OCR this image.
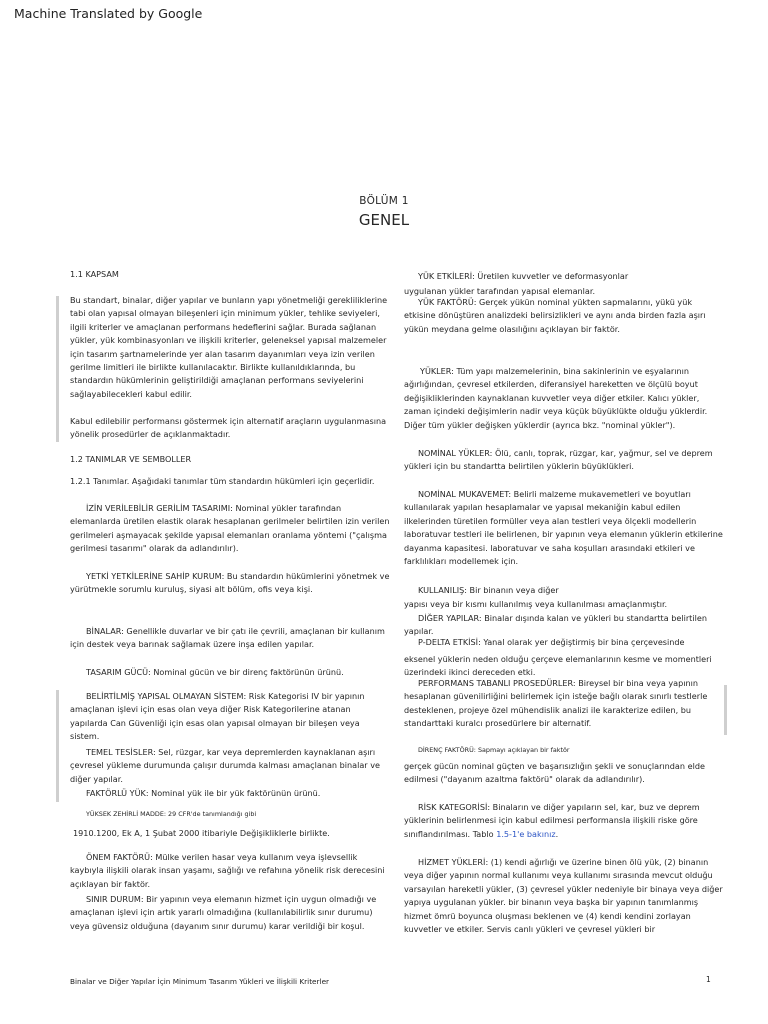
Machine Translated by Google
BÖLÜM 1
GENEL

1.1 KAPSAM

Bu standart, binalar, diğer yapılar ve bunların yapı yönetmeliği gerekliliklerine tabi olan yapısal olmayan bileşenleri için minimum yükler, tehlike seviyeleri, ilgili kriterler ve amaçlanan performans hedeflerini sağlar. Burada sağlanan yükler, yük kombinasyonları ve ilişkili kriterler, geleneksel yapısal malzemeler için tasarım şartnamelerinde yer alan tasarım dayanımları veya izin verilen gerilme limitleri ile birlikte kullanılacaktır. Birlikte kullanıldıklarında, bu standardın hükümlerinin geliştirildiği amaçlanan performans seviyelerini sağlayabilecekleri kabul edilir.

Kabul edilebilir performansı göstermek için alternatif araçların uygulanmasına yönelik prosedürler de açıklanmaktadır.

1.2 TANIMLAR VE SEMBOLLER

1.2.1 Tanımlar. Aşağıdaki tanımlar tüm standardın hükümleri için geçerlidir.

İZİN VERİLEBİLİR GERİLİM TASARIMI: Nominal yükler tarafından elemanlarda üretilen elastik olarak hesaplanan gerilmeler belirtilen izin verilen gerilmeleri aşmayacak şekilde yapısal elemanları oranlama yöntemi ("çalışma gerilmesi tasarımı" olarak da adlandırılır).

YETKİ YETKİLERİNE SAHİP KURUM: Bu standardın hükümlerini yönetmek ve yürütmekle sorumlu kuruluş, siyasi alt bölüm, ofis veya kişi.

BİNALAR: Genellikle duvarlar ve bir çatı ile çevrili, amaçlanan bir kullanım için destek veya barınak sağlamak üzere inşa edilen yapılar.

TASARIM GÜCÜ: Nominal gücün ve bir direnç faktörünün ürünü.

BELİRTİLMİŞ YAPISAL OLMAYAN SİSTEM: Risk Kategorisi IV bir yapının amaçlanan işlevi için esas olan veya diğer Risk Kategorilerine atanan yapılarda Can Güvenliği için esas olan yapısal olmayan bir bileşen veya sistem.

TEMEL TESİSLER: Sel, rüzgar, kar veya depremlerden kaynaklanan aşırı çevresel yükleme durumunda çalışır durumda kalması amaçlanan binalar ve diğer yapılar.

FAKTÖRLÜ YÜK: Nominal yük ile bir yük faktörünün ürünü.

YÜKSEK ZEHİRLİ MADDE: 29 CFR'de tanımlandığı gibi

1910.1200, Ek A, 1 Şubat 2000 itibariyle Değişikliklerle birlikte.

ÖNEM FAKTÖRÜ: Mülke verilen hasar veya kullanım veya işlevsellik kaybıyla ilişkili olarak insan yaşamı, sağlığı ve refahına yönelik risk derecesini açıklayan bir faktör.

SINIR DURUM: Bir yapının veya elemanın hizmet için uygun olmadığı ve amaçlanan işlevi için artık yararlı olmadığına (kullanılabilirlik sınır durumu) veya güvensiz olduğuna (dayanım sınır durumu) karar verildiği bir koşul.

YÜK ETKİLERİ: Üretilen kuvvetler ve deformasyonlar

uygulanan yükler tarafından yapısal elemanlar.

YÜK FAKTÖRÜ: Gerçek yükün nominal yükten sapmalarını, yükü yük etkisine dönüştüren analizdeki belirsizlikleri ve aynı anda birden fazla aşırı yükün meydana gelme olasılığını açıklayan bir faktör.

YÜKLER: Tüm yapı malzemelerinin, bina sakinlerinin ve eşyalarının ağırlığından, çevresel etkilerden, diferansiyel hareketten ve ölçülü boyut değişikliklerinden kaynaklanan kuvvetler veya diğer etkiler. Kalıcı yükler, zaman içindeki değişimlerin nadir veya küçük büyüklükte olduğu yüklerdir. Diğer tüm yükler değişken yüklerdir (ayrıca bkz. "nominal yükler").

NOMİNAL YÜKLER: Ölü, canlı, toprak, rüzgar, kar, yağmur, sel ve deprem yükleri için bu standartta belirtilen yüklerin büyüklükleri.

NOMİNAL MUKAVEMET: Belirli malzeme mukavemetleri ve boyutları kullanılarak yapılan hesaplamalar ve yapısal mekaniğin kabul edilen ilkelerinden türetilen formüller veya alan testleri veya ölçekli modellerin laboratuvar testleri ile belirlenen, bir yapının veya elemanın yüklerin etkilerine dayanma kapasitesi. laboratuvar ve saha koşulları arasındaki etkileri ve farklılıkları modellemek için.

KULLANILIŞ: Bir binanın veya diğer

yapısı veya bir kısmı kullanılmış veya kullanılması amaçlanmıştır.

DİĞER YAPILAR: Binalar dışında kalan ve yükleri bu standartta belirtilen yapılar.

P-DELTA ETKİSİ: Yanal olarak yer değiştirmiş bir bina çerçevesinde

eksenel yüklerin neden olduğu çerçeve elemanlarının kesme ve momentleri üzerindeki ikinci dereceden etki.

PERFORMANS TABANLI PROSEDÜRLER: Bireysel bir bina veya yapının hesaplanan güvenilirliğini belirlemek için isteğe bağlı olarak sınırlı testlerle desteklenen, projeye özel mühendislik analizi ile karakterize edilen, bu standarttaki kuralcı prosedürlere bir alternatif.

DİRENÇ FAKTÖRÜ: Sapmayı açıklayan bir faktör

gerçek gücün nominal güçten ve başarısızlığın şekli ve sonuçlarından elde edilmesi ("dayanım azaltma faktörü" olarak da adlandırılır).

RİSK KATEGORİSİ: Binaların ve diğer yapıların sel, kar, buz ve deprem yüklerinin belirlenmesi için kabul edilmesi performansla ilişkili riske göre sınıflandırılması. Tablo 1.5-1'e bakınız.

HİZMET YÜKLERİ: (1) kendi ağırlığı ve üzerine binen ölü yük, (2) binanın veya diğer yapının normal kullanımı veya kullanımı sırasında mevcut olduğu varsayılan hareketli yükler, (3) çevresel yükler nedeniyle bir binaya veya diğer yapıya uygulanan yükler. bir binanın veya başka bir yapının tanımlanmış hizmet ömrü boyunca oluşması beklenen ve (4) kendi kendini zorlayan kuvvetler ve etkiler. Servis canlı yükleri ve çevresel yükleri bir

Binalar ve Diğer Yapılar İçin Minimum Tasarım Yükleri ve İlişkili Kriterler	1
